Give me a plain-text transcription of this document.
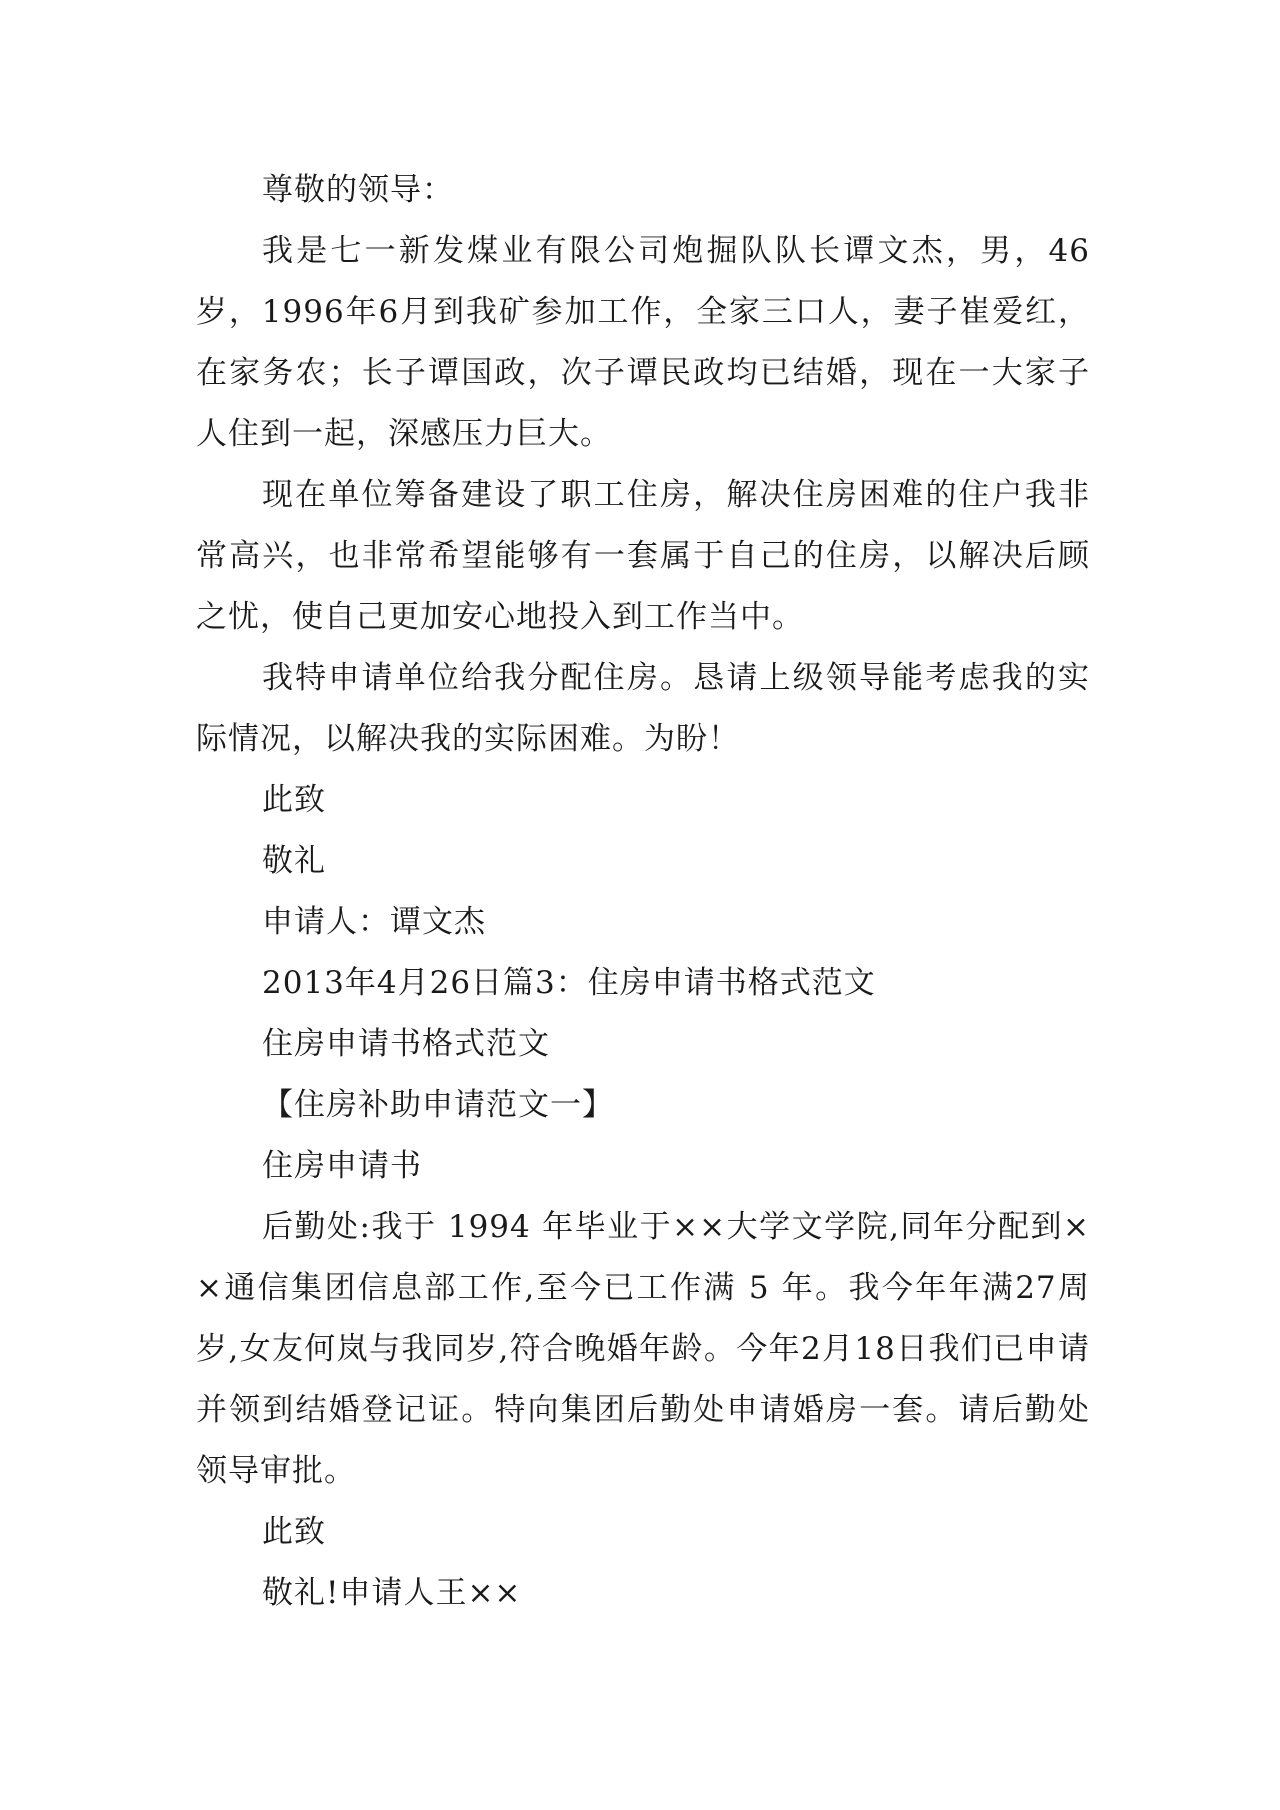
尊敬的领导：

我是七一新发煤业有限公司炮掘队队长谭文杰，男，46岁，1996年6月到我矿参加工作，全家三口人，妻子崔爱红，在家务农；长子谭国政，次子谭民政均已结婚，现在一大家子人住到一起，深感压力巨大。

现在单位筹备建设了职工住房，解决住房困难的住户我非常高兴，也非常希望能够有一套属于自己的住房，以解决后顾之忧，使自己更加安心地投入到工作当中。

我特申请单位给我分配住房。恳请上级领导能考虑我的实际情况，以解决我的实际困难。为盼！

此致

敬礼

申请人：谭文杰

2013年4月26日篇3：住房申请书格式范文

住房申请书格式范文

【住房补助申请范文一】

住房申请书

后勤处:我于 1994 年毕业于××大学文学院,同年分配到××通信集团信息部工作,至今已工作满 5 年。我今年年满27周岁,女友何岚与我同岁,符合晚婚年龄。今年2月18日我们已申请并领到结婚登记证。特向集团后勤处申请婚房一套。请后勤处领导审批。

此致

敬礼!申请人王××
